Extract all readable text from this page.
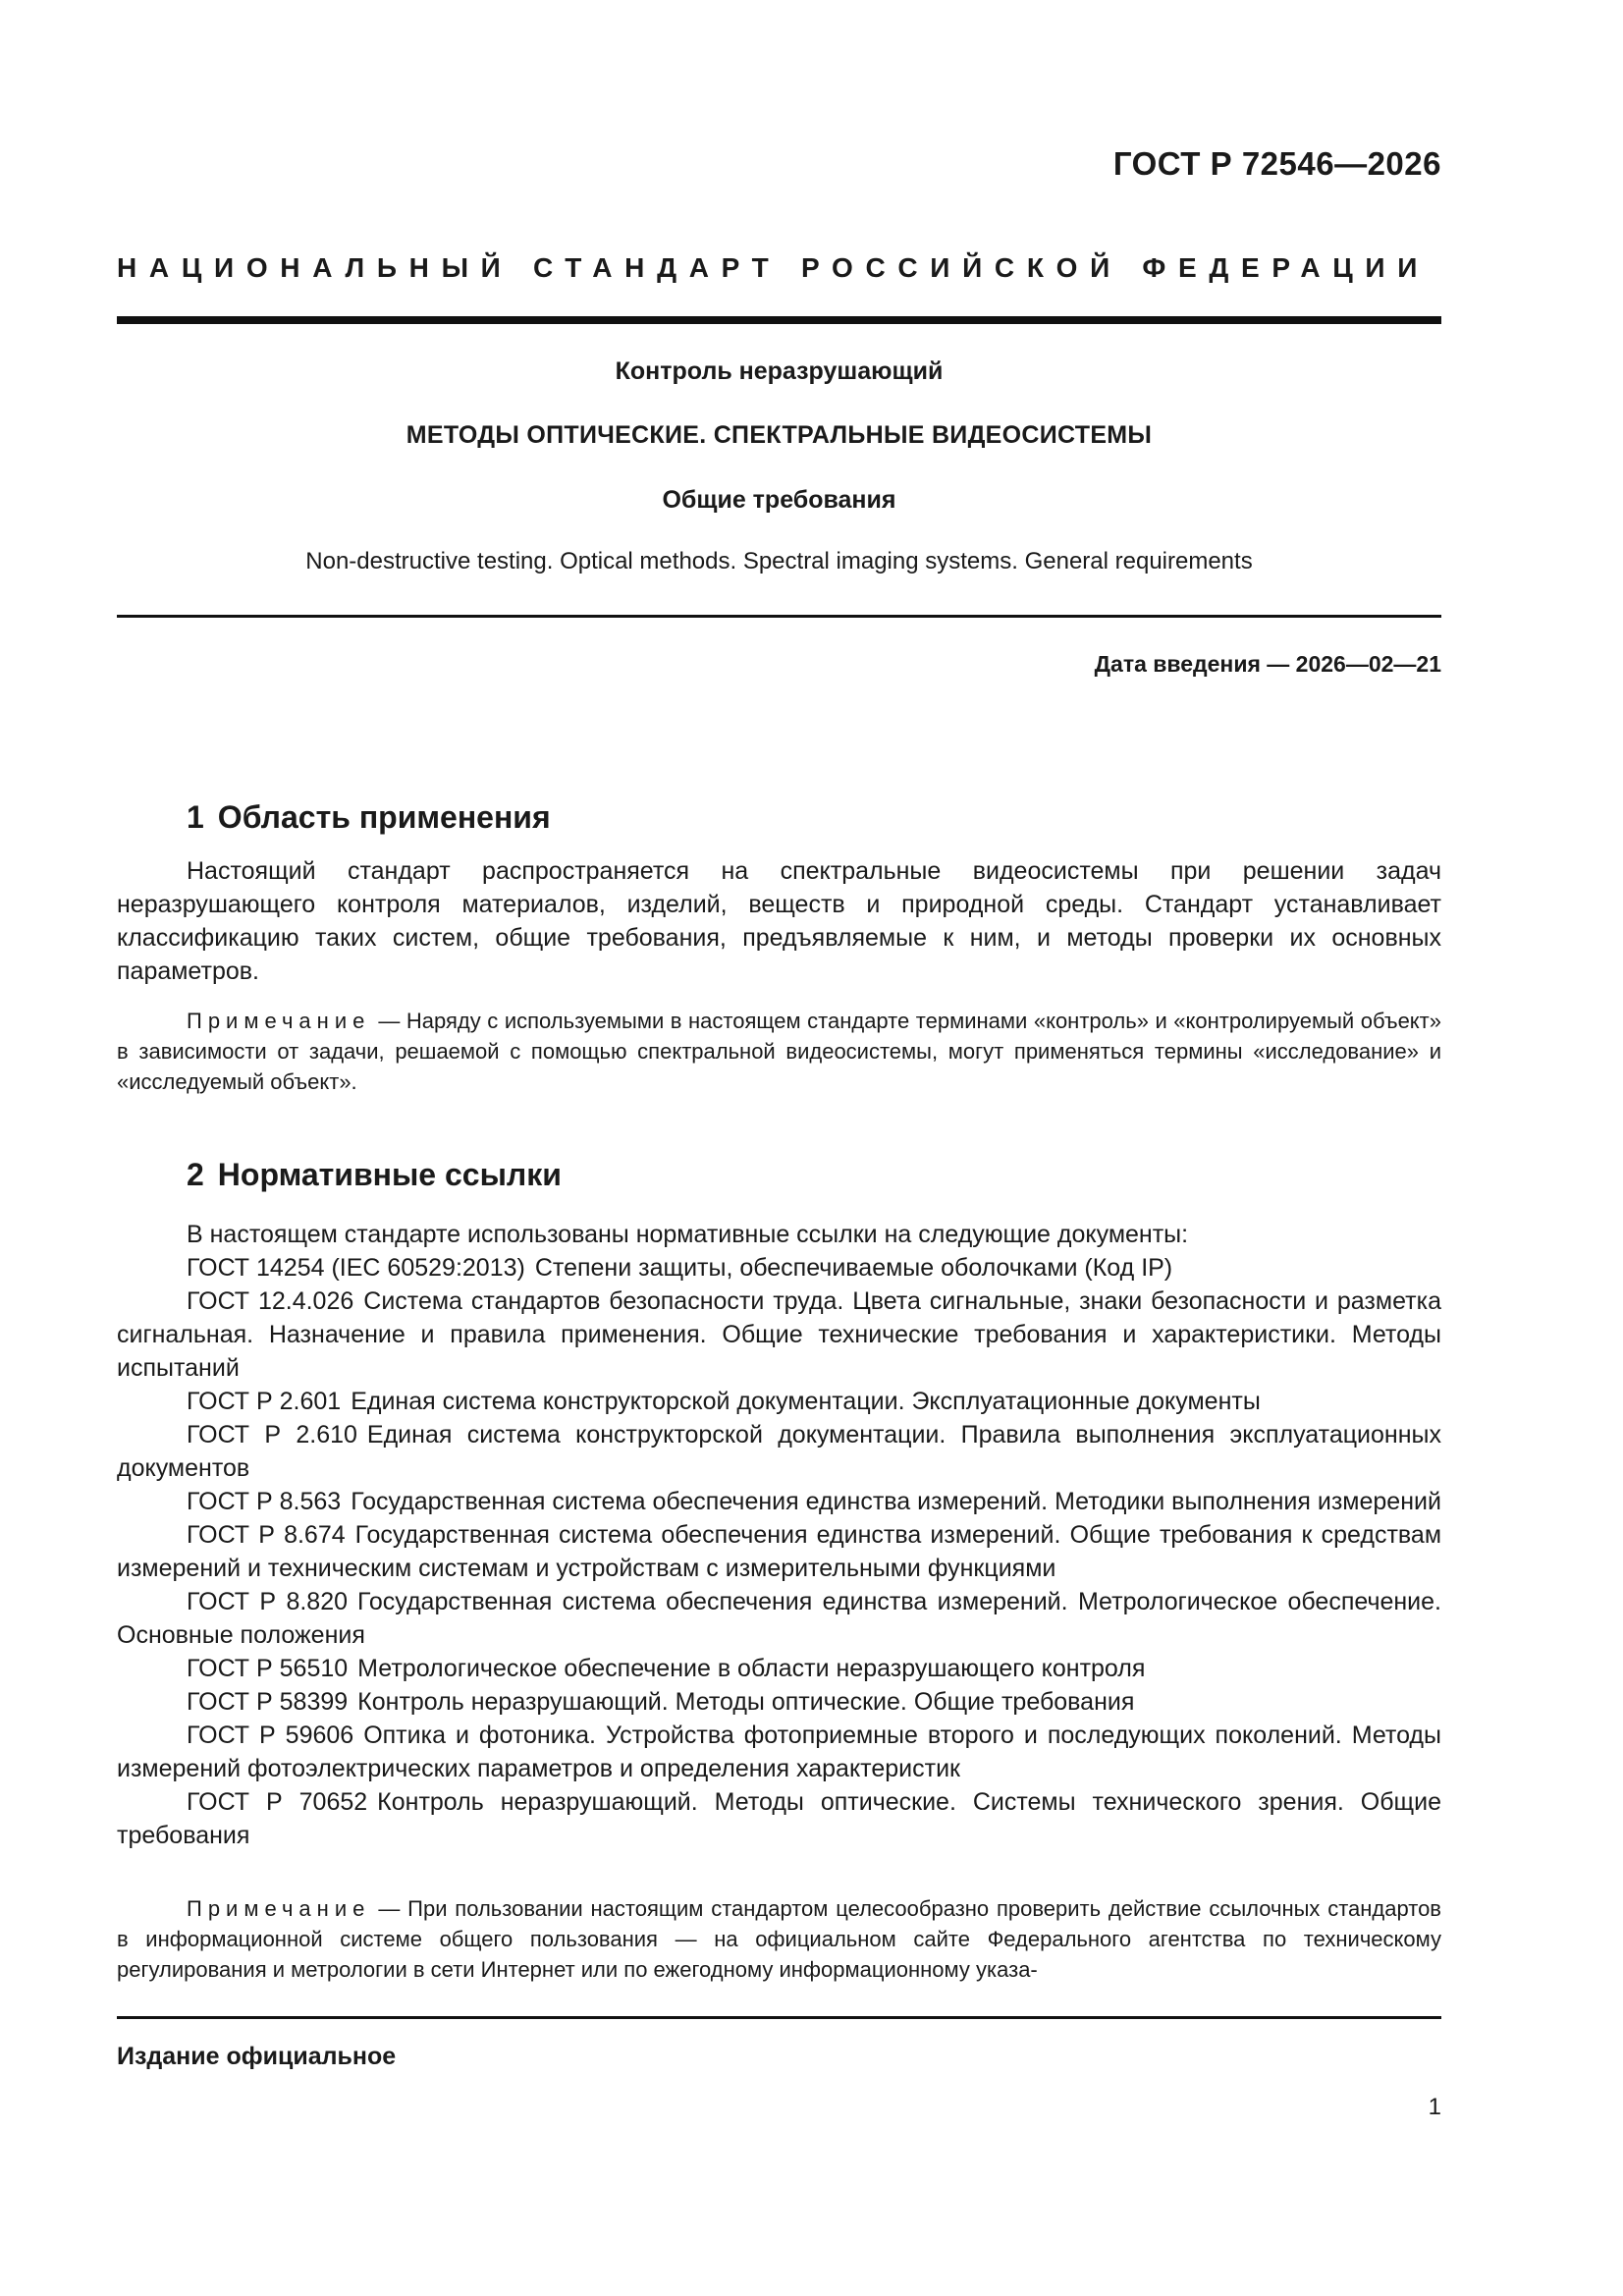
ГОСТ Р 72546—2026

НАЦИОНАЛЬНЫЙ СТАНДАРТ РОССИЙСКОЙ ФЕДЕРАЦИИ

Контроль неразрушающий

МЕТОДЫ ОПТИЧЕСКИЕ. СПЕКТРАЛЬНЫЕ ВИДЕОСИСТЕМЫ

Общие требования

Non-destructive testing. Optical methods. Spectral imaging systems. General requirements

Дата введения — 2026—02—21

1 Область применения

Настоящий стандарт распространяется на спектральные видеосистемы при решении задач неразрушающего контроля материалов, изделий, веществ и природной среды. Стандарт устанавливает классификацию таких систем, общие требования, предъявляемые к ним, и методы проверки их основных параметров.

Примечание — Наряду с используемыми в настоящем стандарте терминами «контроль» и «контролируемый объект» в зависимости от задачи, решаемой с помощью спектральной видеосистемы, могут применяться термины «исследование» и «исследуемый объект».

2 Нормативные ссылки
В настоящем стандарте использованы нормативные ссылки на следующие документы:
ГОСТ 14254 (IEC 60529:2013) Степени защиты, обеспечиваемые оболочками (Код IP)
ГОСТ 12.4.026 Система стандартов безопасности труда. Цвета сигнальные, знаки безопасности и разметка сигнальная. Назначение и правила применения. Общие технические требования и характеристики. Методы испытаний
ГОСТ Р 2.601 Единая система конструкторской документации. Эксплуатационные документы
ГОСТ Р 2.610 Единая система конструкторской документации. Правила выполнения эксплуатационных документов
ГОСТ Р 8.563 Государственная система обеспечения единства измерений. Методики выполнения измерений
ГОСТ Р 8.674 Государственная система обеспечения единства измерений. Общие требования к средствам измерений и техническим системам и устройствам с измерительными функциями
ГОСТ Р 8.820 Государственная система обеспечения единства измерений. Метрологическое обеспечение. Основные положения
ГОСТ Р 56510 Метрологическое обеспечение в области неразрушающего контроля
ГОСТ Р 58399 Контроль неразрушающий. Методы оптические. Общие требования
ГОСТ Р 59606 Оптика и фотоника. Устройства фотоприемные второго и последующих поколений. Методы измерений фотоэлектрических параметров и определения характеристик
ГОСТ Р 70652 Контроль неразрушающий. Методы оптические. Системы технического зрения. Общие требования

Примечание — При пользовании настоящим стандартом целесообразно проверить действие ссылочных стандартов в информационной системе общего пользования — на официальном сайте Федерального агентства по техническому регулирования и метрологии в сети Интернет или по ежегодному информационному указа-

Издание официальное

1
